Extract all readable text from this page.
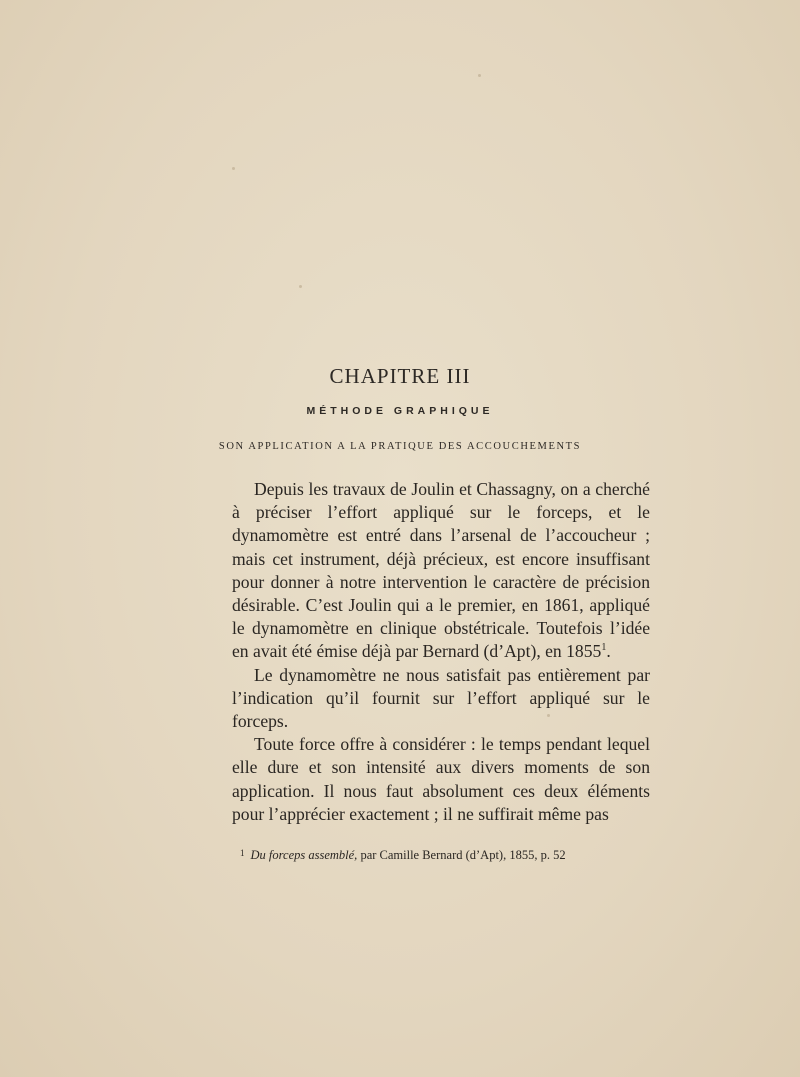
CHAPITRE III
MÉTHODE GRAPHIQUE
SON APPLICATION A LA PRATIQUE DES ACCOUCHEMENTS

Depuis les travaux de Joulin et Chassagny, on a cherché à préciser l’effort appliqué sur le forceps, et le dynamomètre est entré dans l’arsenal de l’accoucheur ; mais cet instrument, déjà précieux, est encore insuffisant pour donner à notre intervention le caractère de précision désirable. C’est Joulin qui a le premier, en 1861, appliqué le dynamomètre en clinique obstétricale. Toutefois l’idée en avait été émise déjà par Bernard (d’Apt), en 1855$^1$.

Le dynamomètre ne nous satisfait pas entièrement par l’indication qu’il fournit sur l’effort appliqué sur le forceps.

Toute force offre à considérer : le temps pendant lequel elle dure et son intensité aux divers moments de son application. Il nous faut absolument ces deux éléments pour l’apprécier exactement ; il ne suffirait même pas

$^1$ Du forceps assemblé, par Camille Bernard (d’Apt), 1855, p. 52
